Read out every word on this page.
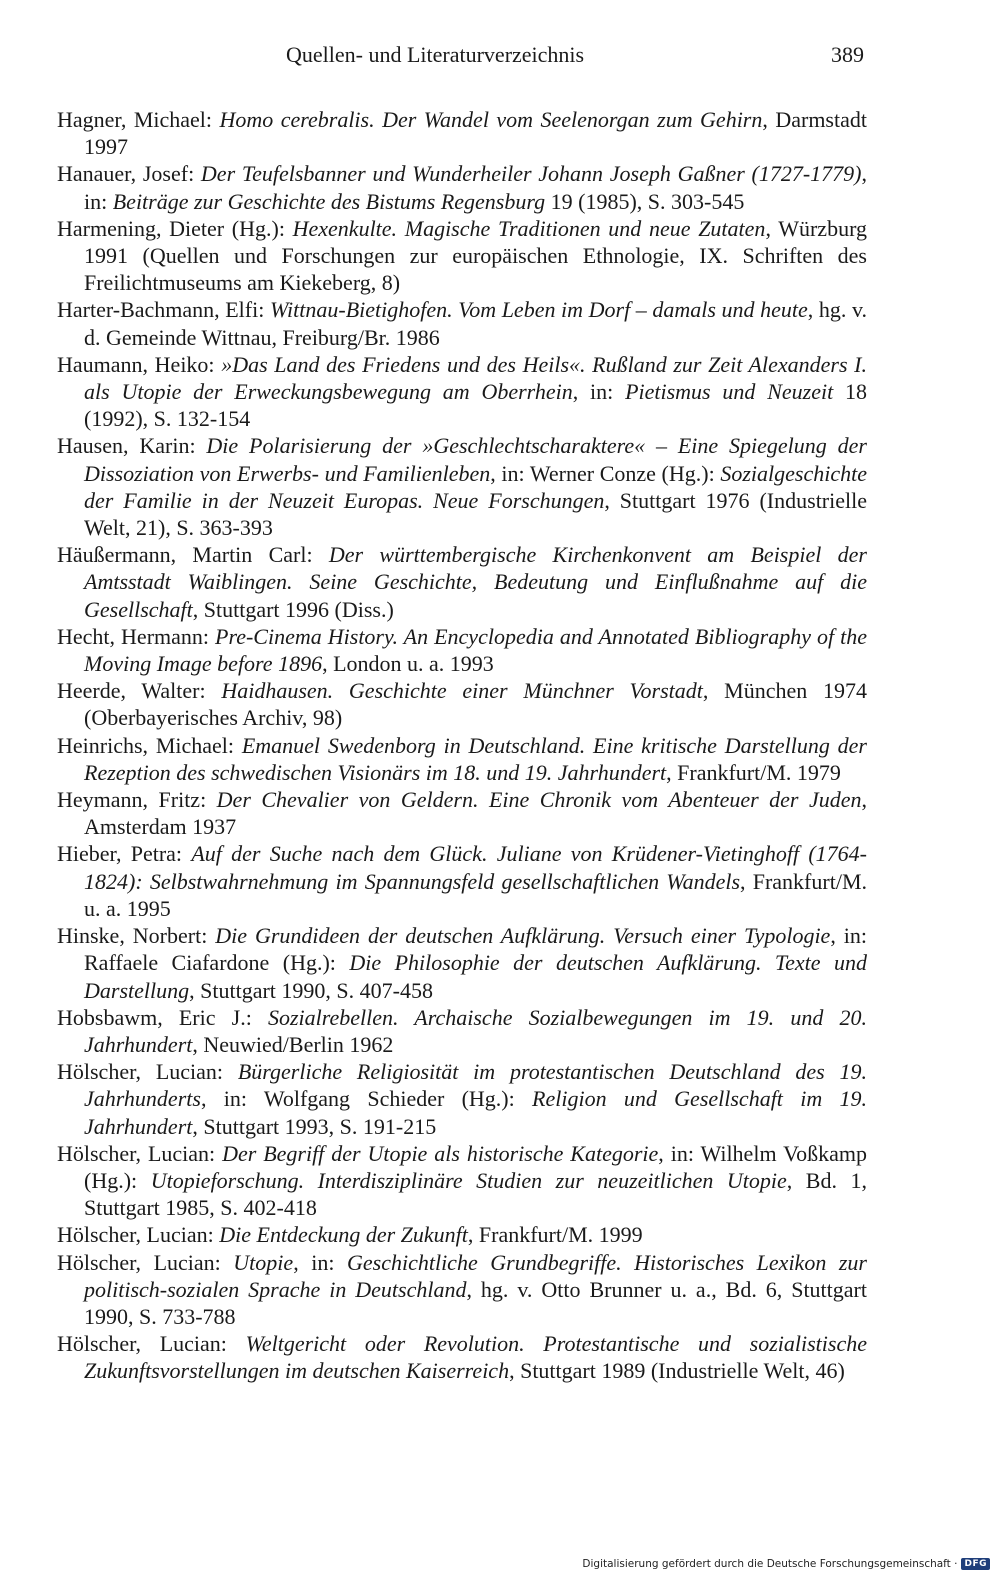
Quellen- und Literaturverzeichnis	389

Hagner, Michael: Homo cerebralis. Der Wandel vom Seelenorgan zum Gehirn, Darmstadt 1997

Hanauer, Josef: Der Teufelsbanner und Wunderheiler Johann Joseph Gaßner (1727-1779), in: Beiträge zur Geschichte des Bistums Regensburg 19 (1985), S. 303-545

Harmening, Dieter (Hg.): Hexenkulte. Magische Traditionen und neue Zutaten, Würzburg 1991 (Quellen und Forschungen zur europäischen Ethnologie, IX. Schriften des Freilichtmuseums am Kiekeberg, 8)

Harter-Bachmann, Elfi: Wittnau-Bietighofen. Vom Leben im Dorf – damals und heute, hg. v. d. Gemeinde Wittnau, Freiburg/Br. 1986

Haumann, Heiko: »Das Land des Friedens und des Heils«. Rußland zur Zeit Alexanders I. als Utopie der Erweckungsbewegung am Oberrhein, in: Pietismus und Neuzeit 18 (1992), S. 132-154

Hausen, Karin: Die Polarisierung der »Geschlechtscharaktere« – Eine Spiegelung der Dissoziation von Erwerbs- und Familienleben, in: Werner Conze (Hg.): Sozialgeschichte der Familie in der Neuzeit Europas. Neue Forschungen, Stuttgart 1976 (Industrielle Welt, 21), S. 363-393

Häußermann, Martin Carl: Der württembergische Kirchenkonvent am Beispiel der Amtsstadt Waiblingen. Seine Geschichte, Bedeutung und Einflußnahme auf die Gesellschaft, Stuttgart 1996 (Diss.)

Hecht, Hermann: Pre-Cinema History. An Encyclopedia and Annotated Bibliography of the Moving Image before 1896, London u. a. 1993

Heerde, Walter: Haidhausen. Geschichte einer Münchner Vorstadt, München 1974 (Oberbayerisches Archiv, 98)

Heinrichs, Michael: Emanuel Swedenborg in Deutschland. Eine kritische Darstellung der Rezeption des schwedischen Visionärs im 18. und 19. Jahrhundert, Frankfurt/M. 1979

Heymann, Fritz: Der Chevalier von Geldern. Eine Chronik vom Abenteuer der Juden, Amsterdam 1937

Hieber, Petra: Auf der Suche nach dem Glück. Juliane von Krüdener-Vietinghoff (1764-1824): Selbstwahrnehmung im Spannungsfeld gesellschaftlichen Wandels, Frankfurt/M. u. a. 1995

Hinske, Norbert: Die Grundideen der deutschen Aufklärung. Versuch einer Typologie, in: Raffaele Ciafardone (Hg.): Die Philosophie der deutschen Aufklärung. Texte und Darstellung, Stuttgart 1990, S. 407-458

Hobsbawm, Eric J.: Sozialrebellen. Archaische Sozialbewegungen im 19. und 20. Jahrhundert, Neuwied/Berlin 1962

Hölscher, Lucian: Bürgerliche Religiosität im protestantischen Deutschland des 19. Jahrhunderts, in: Wolfgang Schieder (Hg.): Religion und Gesellschaft im 19. Jahrhundert, Stuttgart 1993, S. 191-215

Hölscher, Lucian: Der Begriff der Utopie als historische Kategorie, in: Wilhelm Voßkamp (Hg.): Utopieforschung. Interdisziplinäre Studien zur neuzeitlichen Utopie, Bd. 1, Stuttgart 1985, S. 402-418

Hölscher, Lucian: Die Entdeckung der Zukunft, Frankfurt/M. 1999

Hölscher, Lucian: Utopie, in: Geschichtliche Grundbegriffe. Historisches Lexikon zur politisch-sozialen Sprache in Deutschland, hg. v. Otto Brunner u. a., Bd. 6, Stuttgart 1990, S. 733-788

Hölscher, Lucian: Weltgericht oder Revolution. Protestantische und sozialistische Zukunftsvorstellungen im deutschen Kaiserreich, Stuttgart 1989 (Industrielle Welt, 46)

Digitalisierung gefördert durch die Deutsche Forschungsgemeinschaft · DFG
